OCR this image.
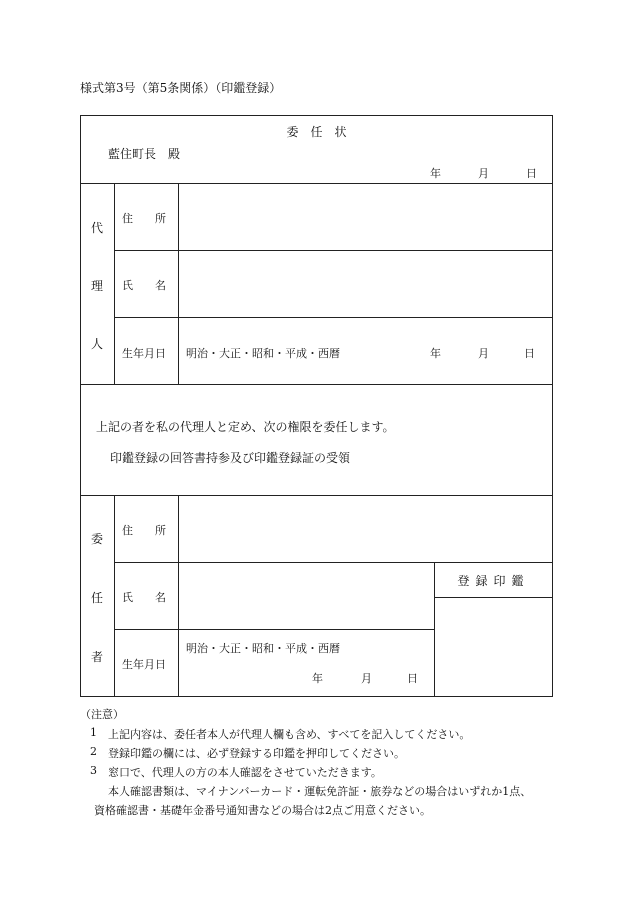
様式第3号（第5条関係）（印鑑登録）
委　任　状
藍住町長　殿
年	月	日
代
理
人
住　　所
氏　　名
生年月日 明治・大正・昭和・平成・西暦	年	月	日
上記の者を私の代理人と定め、次の権限を委任します。
印鑑登録の回答書持参及び印鑑登録証の受領
委
任
者
住　　所
氏　　名
生年月日
明治・大正・昭和・平成・西暦
年	月	日
登録印鑑
（注意）
1 上記内容は、委任者本人が代理人欄も含め、すべてを記入してください。
2 登録印鑑の欄には、必ず登録する印鑑を押印してください。
3 窓口で、代理人の方の本人確認をさせていただきます。
本人確認書類は、マイナンバーカード・運転免許証・旅券などの場合はいずれか1点、
資格確認書・基礎年金番号通知書などの場合は2点ご用意ください。
